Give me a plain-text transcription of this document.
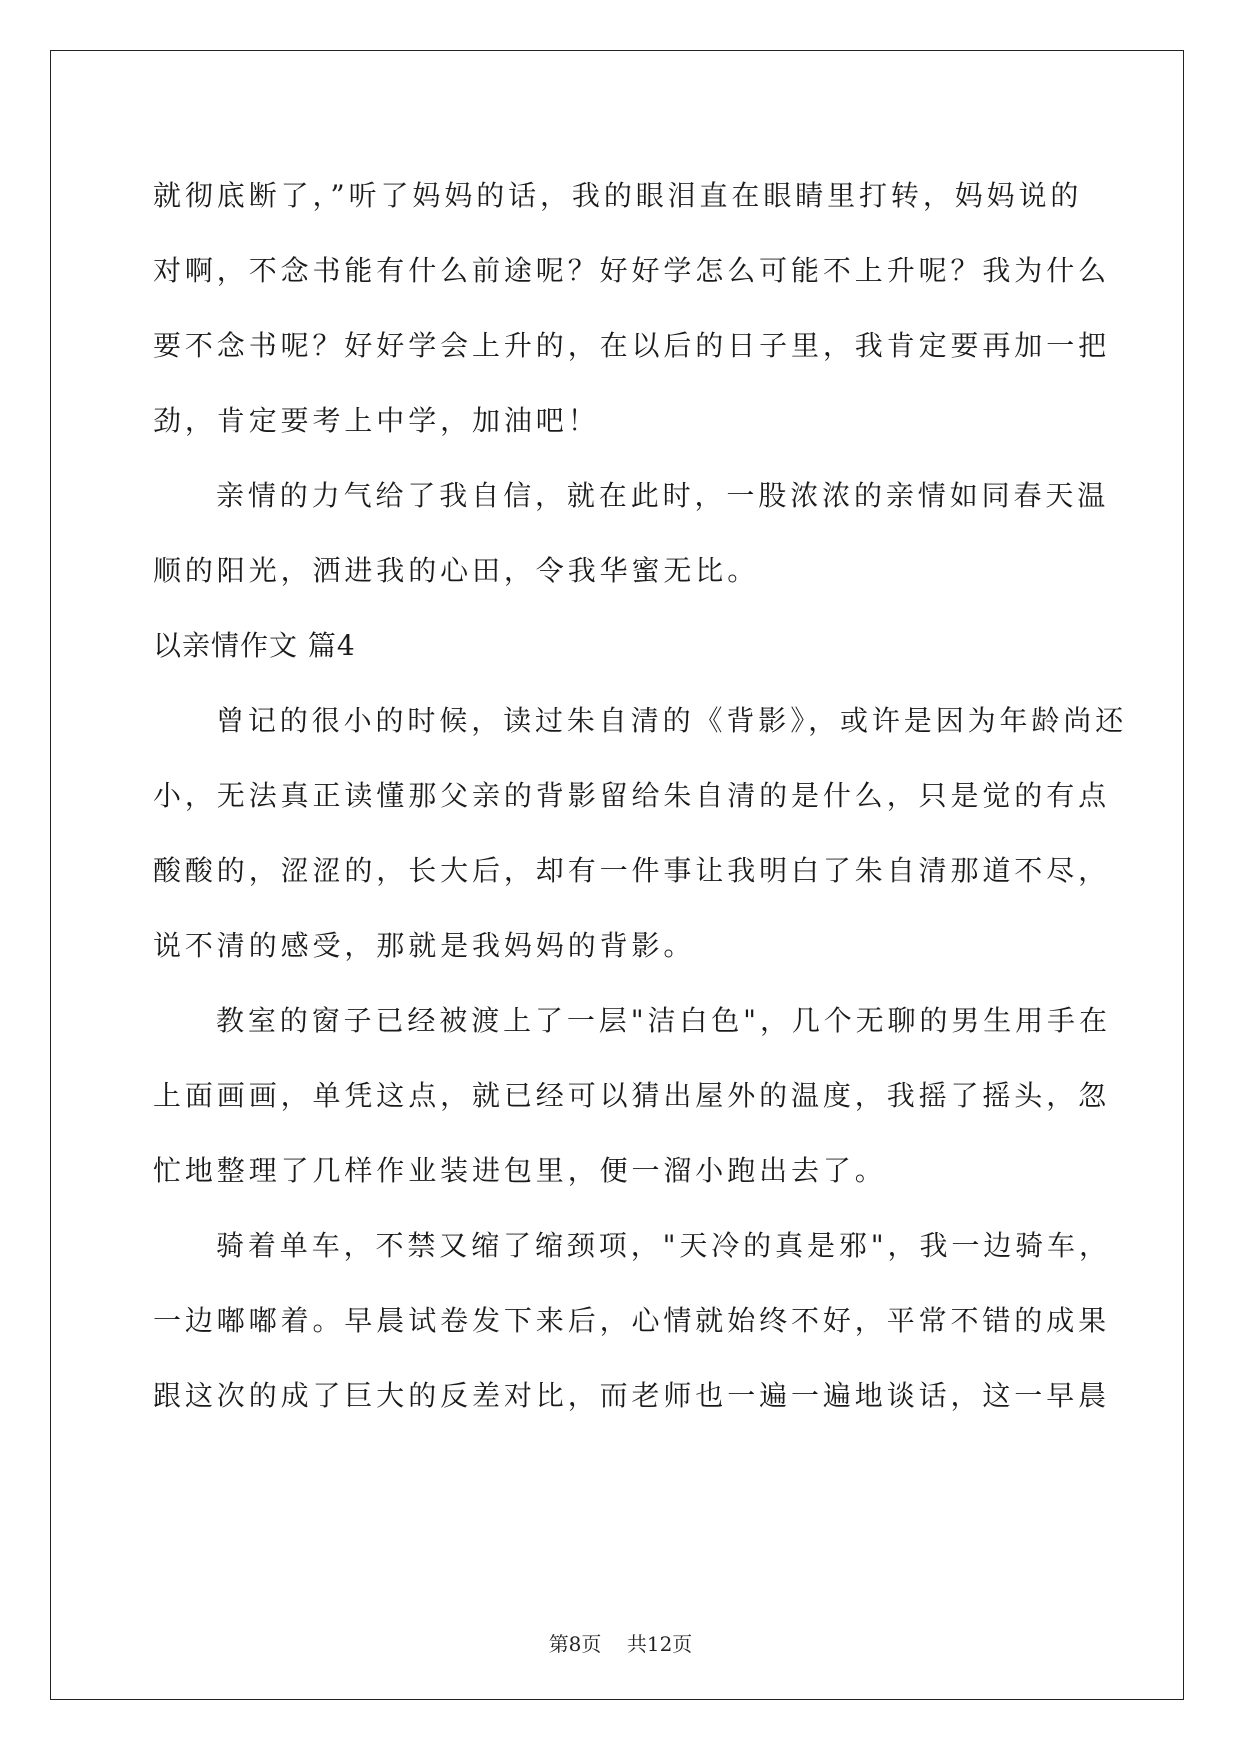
就彻底断了，”听了妈妈的话，我的眼泪直在眼睛里打转，妈妈说的
对啊，不念书能有什么前途呢？好好学怎么可能不上升呢？我为什么
要不念书呢？好好学会上升的，在以后的日子里，我肯定要再加一把
劲，肯定要考上中学，加油吧！
亲情的力气给了我自信，就在此时，一股浓浓的亲情如同春天温
顺的阳光，洒进我的心田，令我华蜜无比。
以亲情作文 篇4
曾记的很小的时候，读过朱自清的《背影》，或许是因为年龄尚还
小，无法真正读懂那父亲的背影留给朱自清的是什么，只是觉的有点
酸酸的，涩涩的，长大后，却有一件事让我明白了朱自清那道不尽，
说不清的感受，那就是我妈妈的背影。
教室的窗子已经被渡上了一层"洁白色"，几个无聊的男生用手在
上面画画，单凭这点，就已经可以猜出屋外的温度，我摇了摇头，忽
忙地整理了几样作业装进包里，便一溜小跑出去了。
骑着单车，不禁又缩了缩颈项，"天冷的真是邪"，我一边骑车，
一边嘟嘟着。早晨试卷发下来后，心情就始终不好，平常不错的成果
跟这次的成了巨大的反差对比，而老师也一遍一遍地谈话，这一早晨
第8页    共12页
